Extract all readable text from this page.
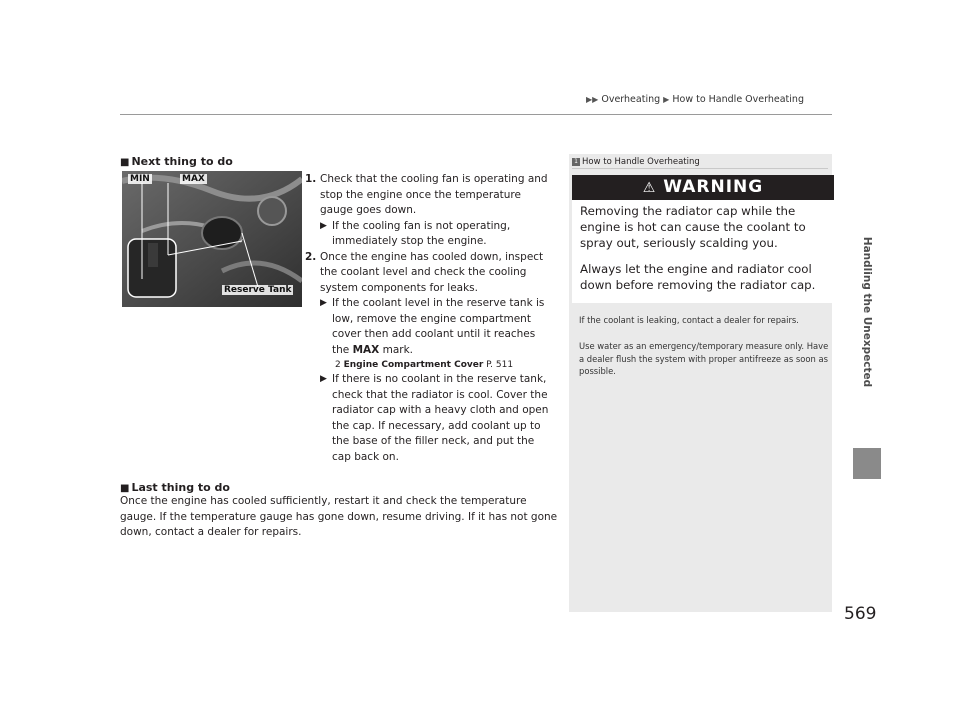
▶▶ Overheating ▶ How to Handle Overheating
Handling the Unexpected
569
■ Next thing to do
MIN	MAX
Reserve Tank
1. Check that the cooling fan is operating and stop the engine once the temperature gauge goes down.
▶ If the cooling fan is not operating, immediately stop the engine.
2. Once the engine has cooled down, inspect the coolant level and check the cooling system components for leaks.
▶ If the coolant level in the reserve tank is low, remove the engine compartment cover then add coolant until it reaches the MAX mark.
2 Engine Compartment Cover P. 511
▶ If there is no coolant in the reserve tank, check that the radiator is cool. Cover the radiator cap with a heavy cloth and open the cap. If necessary, add coolant up to the base of the filler neck, and put the cap back on.
■ Last thing to do
Once the engine has cooled sufficiently, restart it and check the temperature gauge. If the temperature gauge has gone down, resume driving. If it has not gone down, contact a dealer for repairs.
1 How to Handle Overheating
⚠ WARNING

Removing the radiator cap while the engine is hot can cause the coolant to spray out, seriously scalding you.

Always let the engine and radiator cool down before removing the radiator cap.

If the coolant is leaking, contact a dealer for repairs.
Use water as an emergency/temporary measure only. Have a dealer flush the system with proper antifreeze as soon as possible.
